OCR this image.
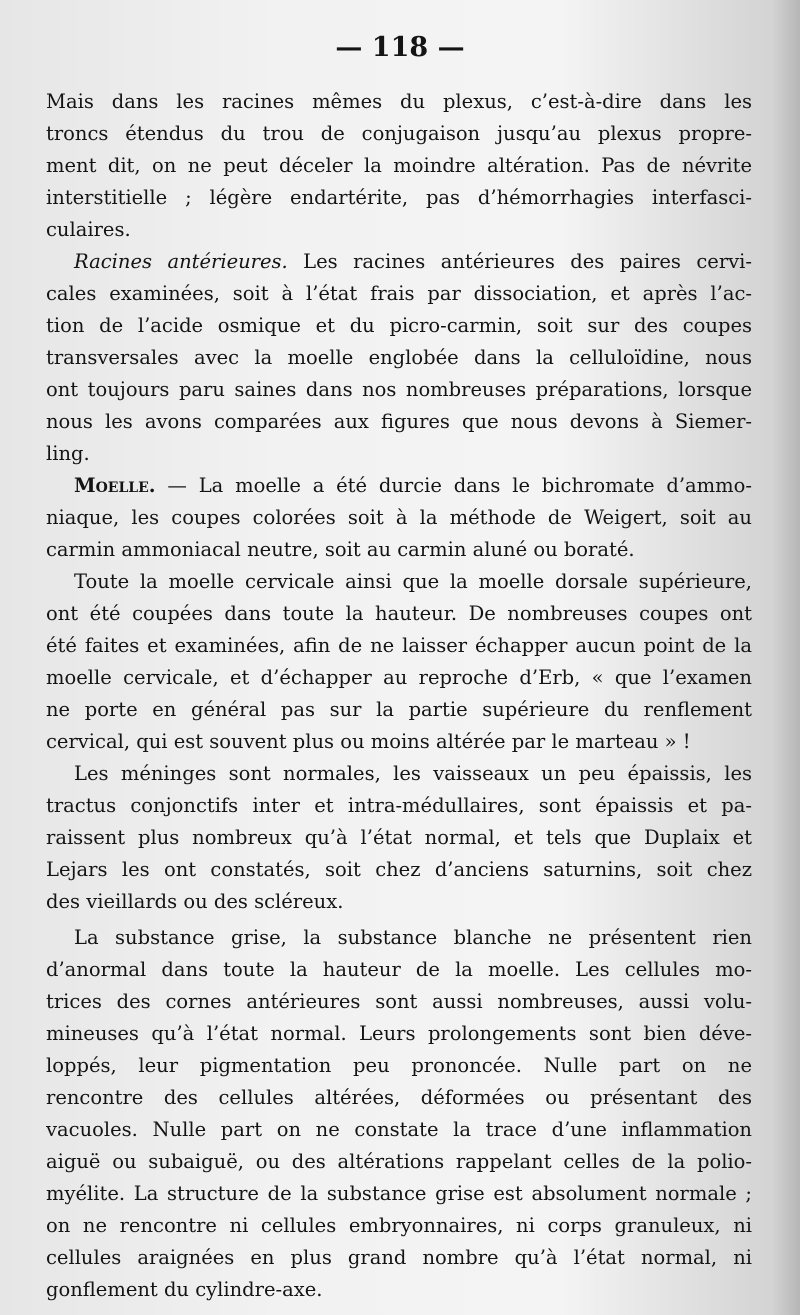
— 118 —
Mais dans les racines mêmes du plexus, c’est-à-dire dans les
troncs étendus du trou de conjugaison jusqu’au plexus propre-
ment dit, on ne peut déceler la moindre altération. Pas de névrite
interstitielle ; légère endartérite, pas d’hémorrhagies interfasci-
culaires.
Racines antérieures. Les racines antérieures des paires cervi-
cales examinées, soit à l’état frais par dissociation, et après l’ac-
tion de l’acide osmique et du picro-carmin, soit sur des coupes
transversales avec la moelle englobée dans la celluloïdine, nous
ont toujours paru saines dans nos nombreuses préparations, lorsque
nous les avons comparées aux figures que nous devons à Siemer-
ling.
Moelle. — La moelle a été durcie dans le bichromate d’ammo-
niaque, les coupes colorées soit à la méthode de Weigert, soit au
carmin ammoniacal neutre, soit au carmin aluné ou boraté.
Toute la moelle cervicale ainsi que la moelle dorsale supérieure,
ont été coupées dans toute la hauteur. De nombreuses coupes ont
été faites et examinées, afin de ne laisser échapper aucun point de la
moelle cervicale, et d’échapper au reproche d’Erb, « que l’examen
ne porte en général pas sur la partie supérieure du renflement
cervical, qui est souvent plus ou moins altérée par le marteau » !
Les méninges sont normales, les vaisseaux un peu épaissis, les
tractus conjonctifs inter et intra-médullaires, sont épaissis et pa-
raissent plus nombreux qu’à l’état normal, et tels que Duplaix et
Lejars les ont constatés, soit chez d’anciens saturnins, soit chez
des vieillards ou des scléreux.
La substance grise, la substance blanche ne présentent rien
d’anormal dans toute la hauteur de la moelle. Les cellules mo-
trices des cornes antérieures sont aussi nombreuses, aussi volu-
mineuses qu’à l’état normal. Leurs prolongements sont bien déve-
loppés, leur pigmentation peu prononcée. Nulle part on ne
rencontre des cellules altérées, déformées ou présentant des
vacuoles. Nulle part on ne constate la trace d’une inflammation
aiguë ou subaiguë, ou des altérations rappelant celles de la polio-
myélite. La structure de la substance grise est absolument normale ;
on ne rencontre ni cellules embryonnaires, ni corps granuleux, ni
cellules araignées en plus grand nombre qu’à l’état normal, ni
gonflement du cylindre-axe.
